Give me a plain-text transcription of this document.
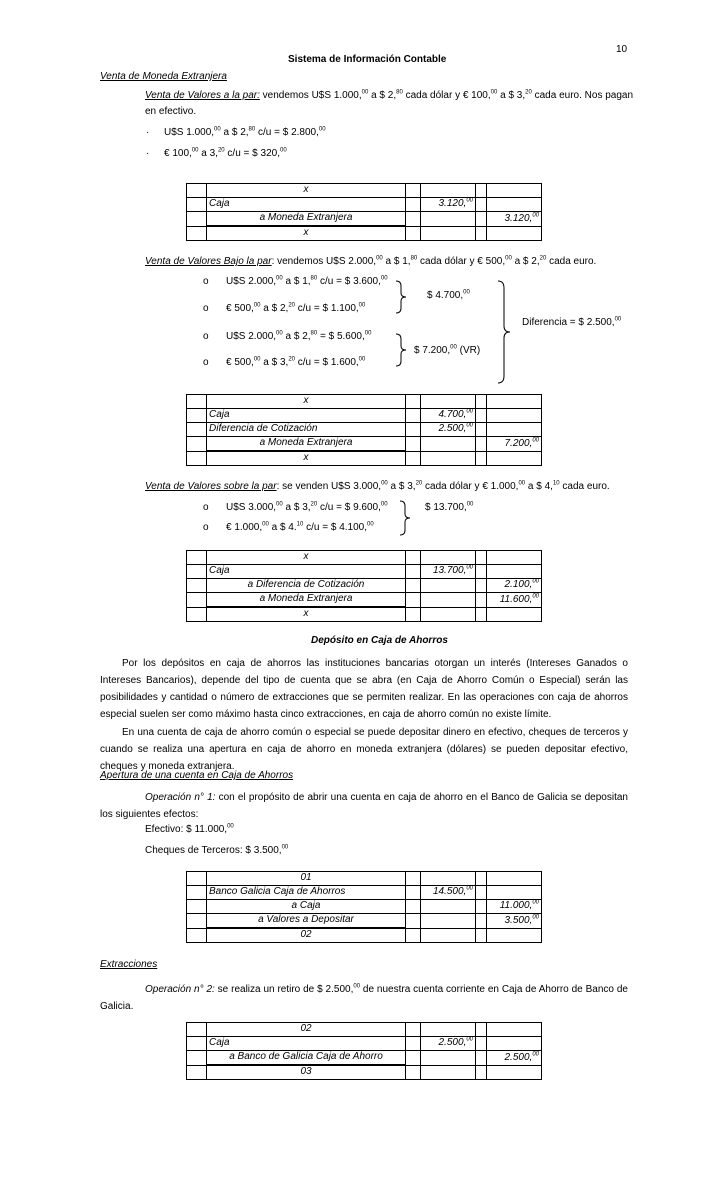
10
Sistema de Información Contable
Venta de Moneda Extranjera
Venta de Valores a la par: vendemos U$S 1.000,00 a $ 2,80 cada dólar y € 100,00 a $ 3,20 cada euro. Nos pagan
en efectivo.
· U$S 1.000,00 a $ 2,80 c/u = $ 2.800,00
· € 100,00 a 3,20 c/u = $ 320,00
	x				
	Caja		3.120,00		
	a Moneda Extranjera				3.120,00
	x				
Venta de Valores Bajo la par: vendemos U$S 2.000,00 a $ 1,80 cada dólar y € 500,00 a $ 2,20 cada euro.
o U$S 2.000,00 a $ 1,80 c/u = $ 3.600,00
o € 500,00 a $ 2,20 c/u = $ 1.100,00
o U$S 2.000,00 a $ 2,80 = $ 5.600,00
o € 500,00 a $ 3,20 c/u = $ 1.600,00
$ 4.700,00
$ 7.200,00 (VR)
Diferencia = $ 2.500,00
	x				
	Caja		4.700,00		
	Diferencia de Cotización		2.500,00		
	a Moneda Extranjera				7.200,00
	x				
Venta de Valores sobre la par: se venden U$S 3.000,00 a $ 3,20 cada dólar y € 1.000,00 a $ 4,10 cada euro.
o U$S 3.000,00 a $ 3,20 c/u = $ 9.600,00
o € 1.000,00 a $ 4.10 c/u = $ 4.100,00
$ 13.700,00
	x				
	Caja		13.700,00		
	a Diferencia de Cotización				2.100,00
	a Moneda Extranjera				11.600,00
	x				
Depósito en Caja de Ahorros
Por los depósitos en caja de ahorros las instituciones bancarias otorgan un interés (Intereses Ganados o Intereses Bancarios), depende del tipo de cuenta que se abra (en Caja de Ahorro Común o Especial) serán las posibilidades y cantidad o número de extracciones que se permiten realizar. En las operaciones con caja de ahorros especial suelen ser como máximo hasta cinco extracciones, en caja de ahorro común no existe límite.
En una cuenta de caja de ahorro común o especial se puede depositar dinero en efectivo, cheques de terceros y cuando se realiza una apertura en caja de ahorro en moneda extranjera (dólares) se pueden depositar efectivo, cheques y moneda extranjera.
Apertura de una cuenta en Caja de Ahorros
Operación n° 1: con el propósito de abrir una cuenta en caja de ahorro en el Banco de Galicia se depositan los siguientes efectos:
Efectivo: $ 11.000,00
Cheques de Terceros: $ 3.500,00
	01				
	Banco Galicia Caja de Ahorros		14.500,00		
	a Caja				11.000,00
	a Valores a Depositar				3.500,00
	02				
Extracciones
Operación n° 2: se realiza un retiro de $ 2.500,00 de nuestra cuenta corriente en Caja de Ahorro de Banco de Galicia.
	02				
	Caja		2.500,00		
	a Banco de Galicia Caja de Ahorro				2.500,00
	03				
